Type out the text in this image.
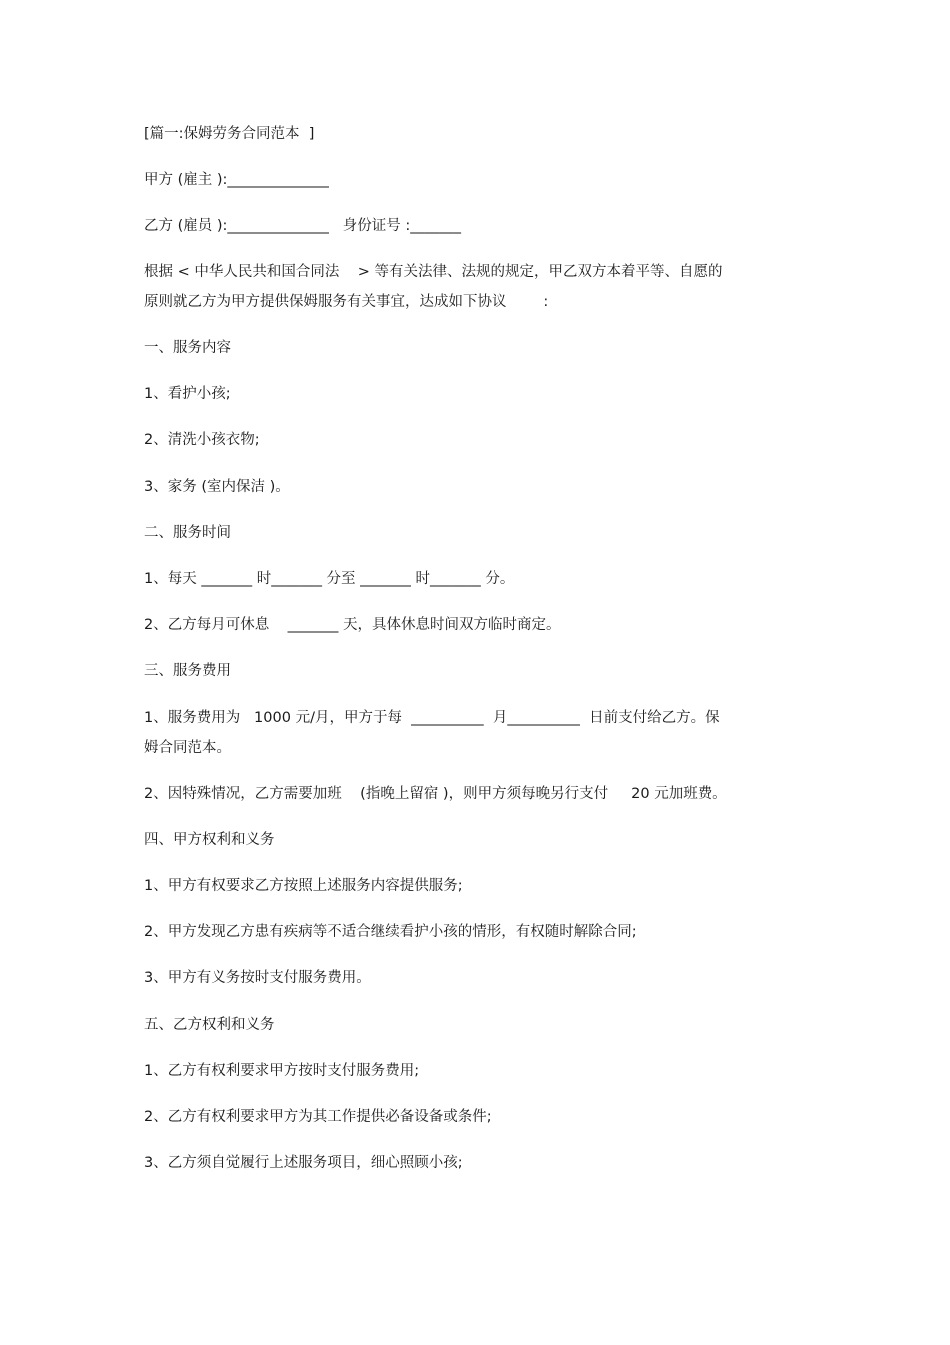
[篇一:保姆劳务合同范本  ]
甲方 (雇主 ):______________
乙方 (雇员 ):______________   身份证号 :_______
根据 < 中华人民共和国合同法    > 等有关法律、法规的规定，甲乙双方本着平等、自愿的
原则就乙方为甲方提供保姆服务有关事宜，达成如下协议        :
一、服务内容
1、看护小孩;
2、清洗小孩衣物;
3、家务 (室内保洁 )。
二、服务时间
1、每天 _______ 时_______ 分至 _______ 时_______ 分。
2、乙方每月可休息    _______ 天，具体休息时间双方临时商定。
三、服务费用
1、服务费用为   1000 元/月，甲方于每  __________  月__________  日前支付给乙方。保
姆合同范本。
2、因特殊情况，乙方需要加班    (指晚上留宿 )，则甲方须每晚另行支付     20 元加班费。
四、甲方权利和义务
1、甲方有权要求乙方按照上述服务内容提供服务;
2、甲方发现乙方患有疾病等不适合继续看护小孩的情形，有权随时解除合同;
3、甲方有义务按时支付服务费用。
五、乙方权利和义务
1、乙方有权利要求甲方按时支付服务费用;
2、乙方有权利要求甲方为其工作提供必备设备或条件;
3、乙方须自觉履行上述服务项目，细心照顾小孩;
